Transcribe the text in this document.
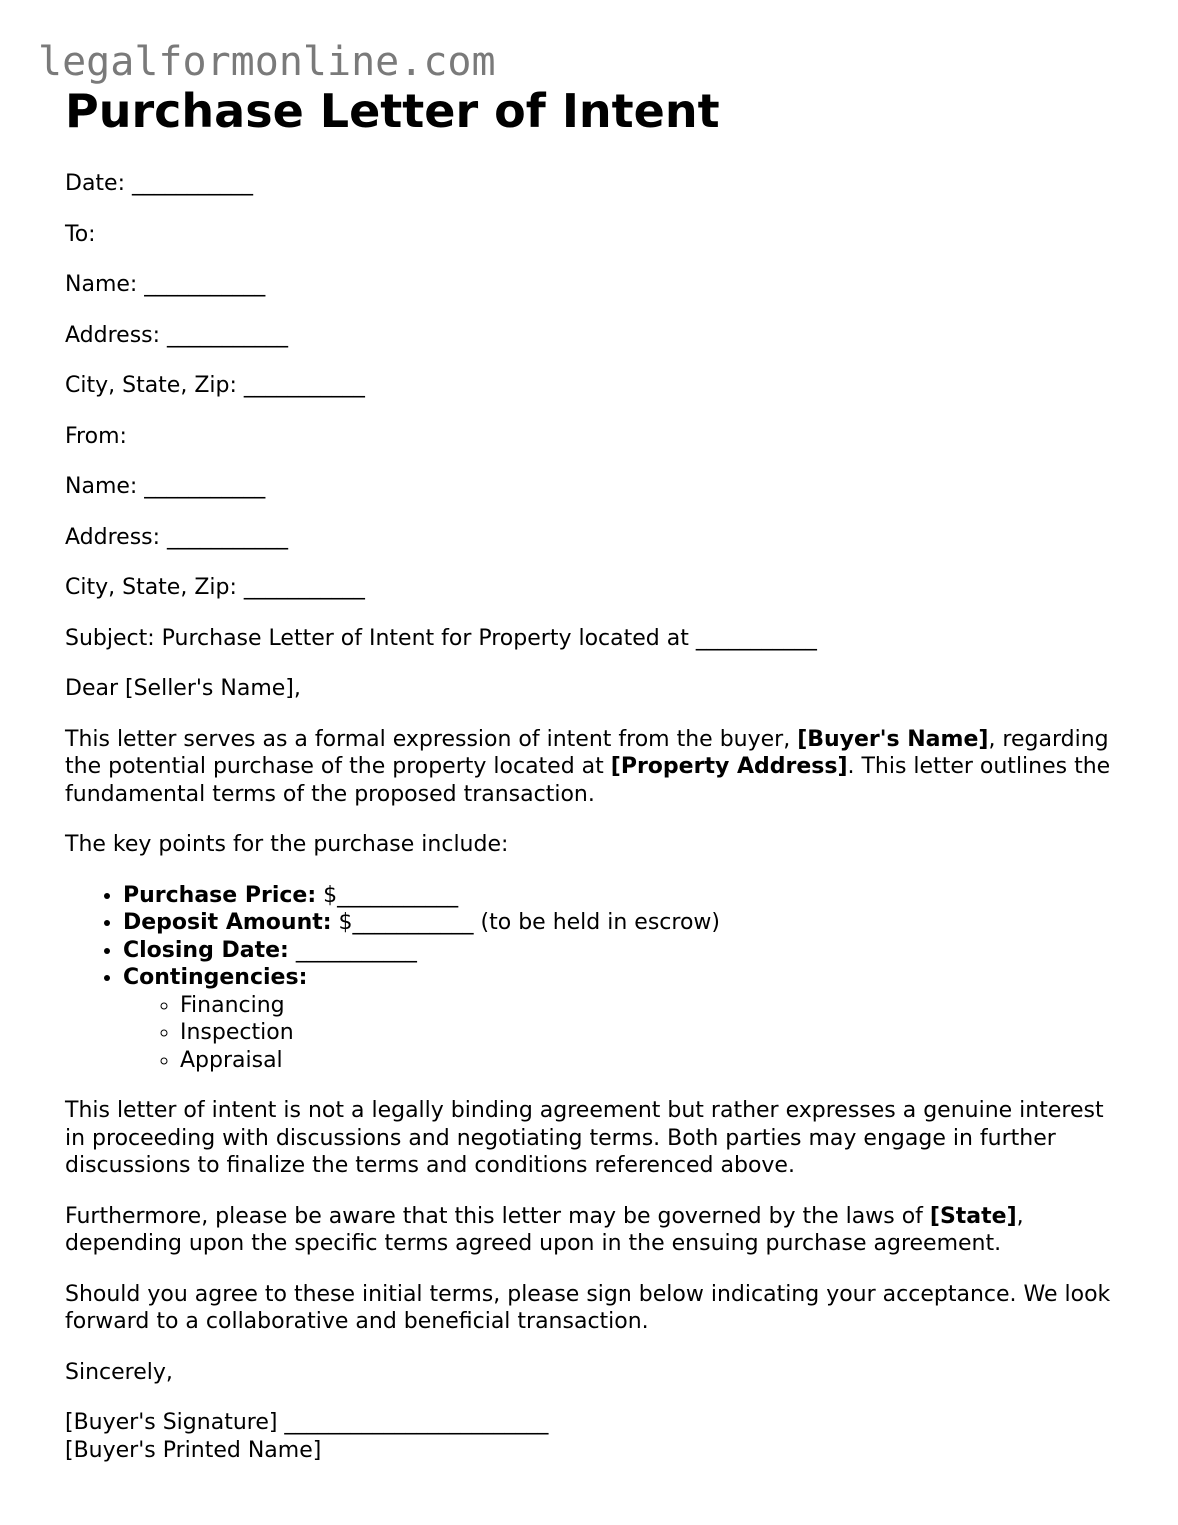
legalformonline.com
Purchase Letter of Intent

Date: ___________

To:

Name: ___________

Address: ___________

City, State, Zip: ___________

From:

Name: ___________

Address: ___________

City, State, Zip: ___________

Subject: Purchase Letter of Intent for Property located at ___________

Dear [Seller's Name],

This letter serves as a formal expression of intent from the buyer, [Buyer's Name], regarding the potential purchase of the property located at [Property Address]. This letter outlines the fundamental terms of the proposed transaction.

The key points for the purchase include:

• Purchase Price: $___________
• Deposit Amount: $___________ (to be held in escrow)
• Closing Date: ___________
• Contingencies:
◦ Financing
◦ Inspection
◦ Appraisal

This letter of intent is not a legally binding agreement but rather expresses a genuine interest in proceeding with discussions and negotiating terms. Both parties may engage in further discussions to finalize the terms and conditions referenced above.

Furthermore, please be aware that this letter may be governed by the laws of [State], depending upon the specific terms agreed upon in the ensuing purchase agreement.

Should you agree to these initial terms, please sign below indicating your acceptance. We look forward to a collaborative and beneficial transaction.

Sincerely,

[Buyer's Signature] ________________________

[Buyer's Printed Name]
